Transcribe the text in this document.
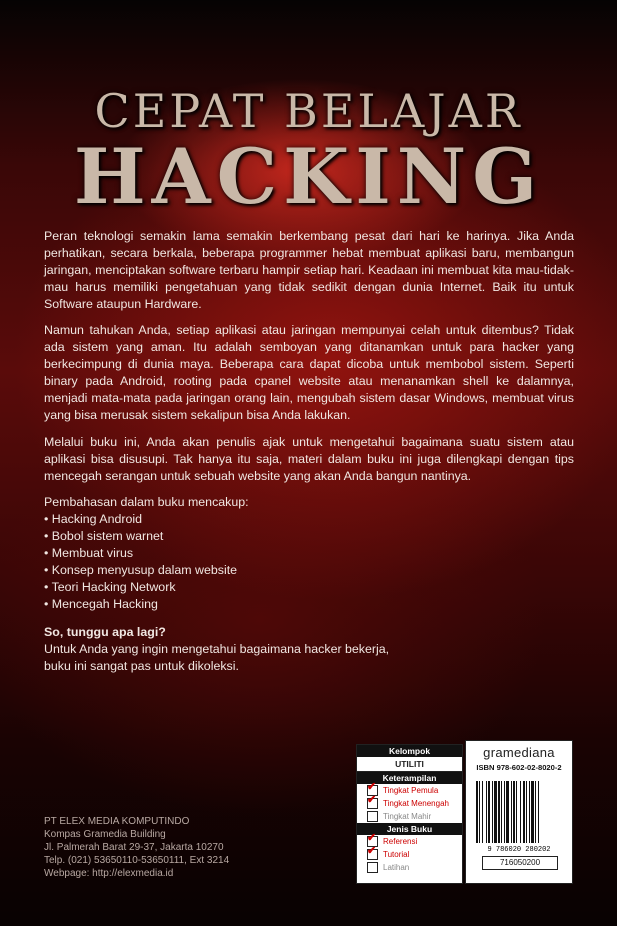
CEPAT BELAJAR
HACKING
Peran teknologi semakin lama semakin berkembang pesat dari hari ke harinya. Jika Anda perhatikan, secara berkala, beberapa programmer hebat membuat aplikasi baru, membangun jaringan, menciptakan software terbaru hampir setiap hari. Keadaan ini membuat kita mau-tidak-mau harus memiliki pengetahuan yang tidak sedikit dengan dunia Internet. Baik itu untuk Software ataupun Hardware.
Namun tahukan Anda, setiap aplikasi atau jaringan mempunyai celah untuk ditembus? Tidak ada sistem yang aman. Itu adalah semboyan yang ditanamkan untuk para hacker yang berkecimpung di dunia maya. Beberapa cara dapat dicoba untuk membobol sistem. Seperti binary pada Android, rooting pada cpanel website atau menanamkan shell ke dalamnya, menjadi mata-mata pada jaringan orang lain, mengubah sistem dasar Windows, membuat virus yang bisa merusak sistem sekalipun bisa Anda lakukan.
Melalui buku ini, Anda akan penulis ajak untuk mengetahui bagaimana suatu sistem atau aplikasi bisa disusupi. Tak hanya itu saja, materi dalam buku ini juga dilengkapi dengan tips mencegah serangan untuk sebuah website yang akan Anda bangun nantinya.
Pembahasan dalam buku mencakup:
• Hacking Android
• Bobol sistem warnet
• Membuat virus
• Konsep menyusup dalam website
• Teori Hacking Network
• Mencegah Hacking
So, tunggu apa lagi?
Untuk Anda yang ingin mengetahui bagaimana hacker bekerja,
buku ini sangat pas untuk dikoleksi.
PT ELEX MEDIA KOMPUTINDO
Kompas Gramedia Building
Jl. Palmerah Barat 29-37, Jakarta 10270
Telp. (021) 53650110-53650111, Ext 3214
Webpage: http://elexmedia.id
Kelompok
UTILITI
Keterampilan
✔
Tingkat Pemula
✔
Tingkat Menengah
Tingkat Mahir
Jenis Buku
✔
Referensi
✔
Tutorial
Latihan
gramediana
ISBN 978-602-02-8020-2
9 786020 280202
716050200
